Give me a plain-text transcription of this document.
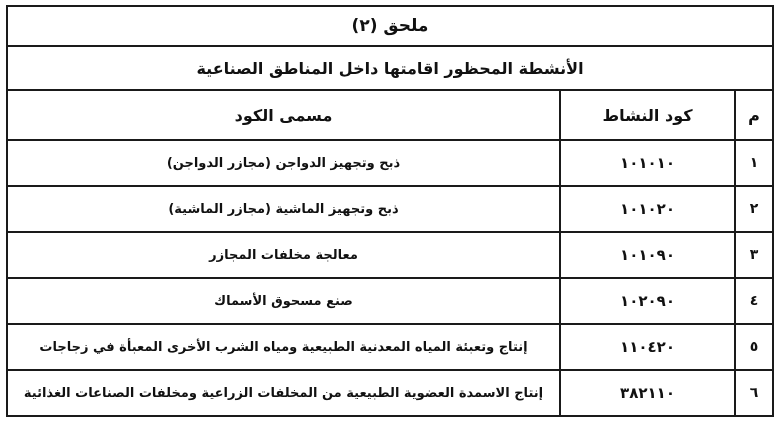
ملحق (٢)		
الأنشطة المحظور اقامتها داخل المناطق الصناعية		
م	كود النشاط	مسمى الكود
١	١٠١٠١٠	ذبح وتجهيز الدواجن (مجازر الدواجن)
٢	١٠١٠٢٠	ذبح وتجهيز الماشية (مجازر الماشية)
٣	١٠١٠٩٠	معالجة مخلفات المجازر
٤	١٠٢٠٩٠	صنع مسحوق الأسماك
٥	١١٠٤٢٠	إنتاج وتعبئة المياه المعدنية الطبيعية ومياه الشرب الأخرى المعبأة في زجاجات
٦	٣٨٢١١٠	إنتاج الاسمدة العضوية الطبيعية من المخلفات الزراعية ومخلفات الصناعات الغذائية
